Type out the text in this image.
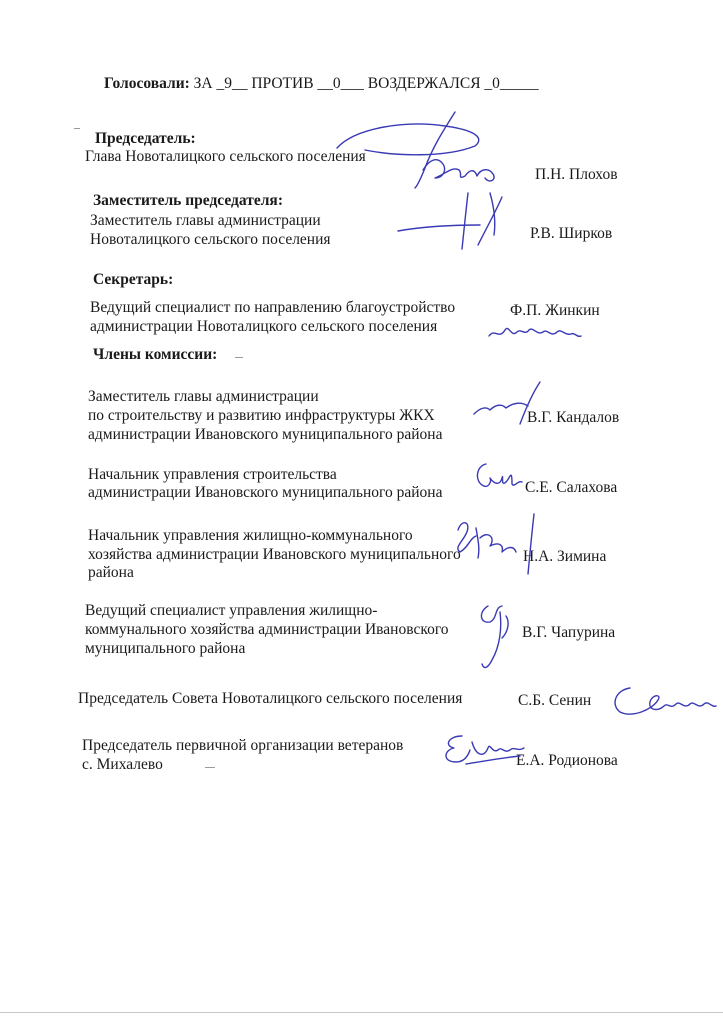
Голосовали: ЗА _9__ ПРОТИВ __0___ ВОЗДЕРЖАЛСЯ _0_____
Председатель:
Глава Новоталицкого сельского поселения
П.Н. Плохов
Заместитель председателя:
Заместитель главы администрации
Новоталицкого сельского поселения	Р.В. Ширков
Секретарь:
Ведущий специалист по направлению благоустройство
администрации Новоталицкого сельского поселения
Ф.П. Жинкин
Члены комиссии:
Заместитель главы администрации
по строительству и развитию инфраструктуры ЖКХ
администрации Ивановского муниципального района
В.Г. Кандалов
Начальник управления строительства
администрации Ивановского муниципального района	С.Е. Салахова
Начальник управления жилищно-коммунального
хозяйства администрации Ивановского муниципального
района
Н.А. Зимина
Ведущий специалист управления жилищно-
коммунального хозяйства администрации Ивановского
муниципального района
В.Г. Чапурина
Председатель Совета Новоталицкого сельского поселения	С.Б. Сенин
Председатель первичной организации ветеранов
с. Михалево	Е.А. Родионова
